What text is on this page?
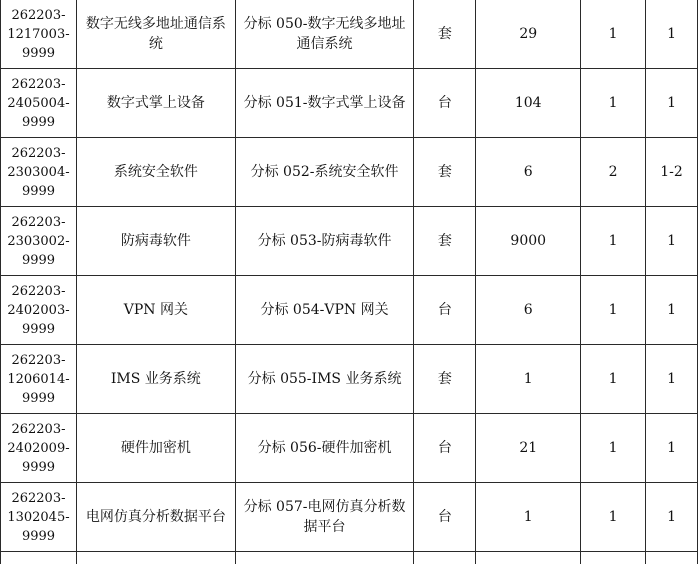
262203-
1217003-
9999	数字无线多地址通信系统	分标 050-数字无线多地址通信系统	套	29	1	1
262203-
2405004-
9999	数字式掌上设备	分标 051-数字式掌上设备	台	104	1	1
262203-
2303004-
9999	系统安全软件	分标 052-系统安全软件	套	6	2	1-2
262203-
2303002-
9999	防病毒软件	分标 053-防病毒软件	套	9000	1	1
262203-
2402003-
9999	VPN 网关	分标 054-VPN 网关	台	6	1	1
262203-
1206014-
9999	IMS 业务系统	分标 055-IMS 业务系统	套	1	1	1
262203-
2402009-
9999	硬件加密机	分标 056-硬件加密机	台	21	1	1
262203-
1302045-
9999	电网仿真分析数据平台	分标 057-电网仿真分析数据平台	台	1	1	1
